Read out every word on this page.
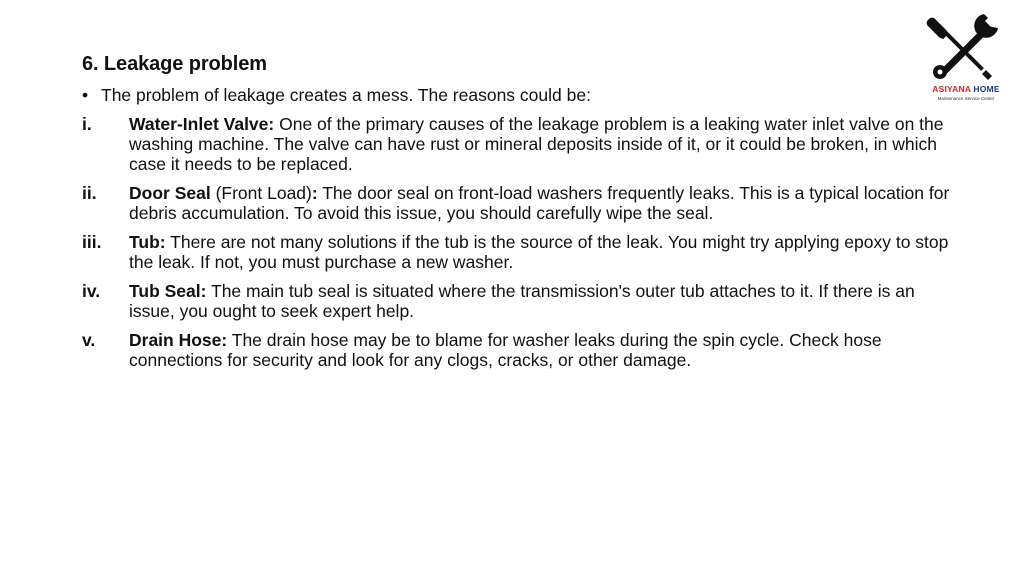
ASIYANA HOME
Maintenance Service Center
6. Leakage problem
• The problem of leakage creates a mess. The reasons could be:
i.	Water-Inlet Valve: One of the primary causes of the leakage problem is a leaking water inlet valve on the washing machine. The valve can have rust or mineral deposits inside of it, or it could be broken, in which case it needs to be replaced.
ii.	Door Seal (Front Load): The door seal on front-load washers frequently leaks. This is a typical location for debris accumulation. To avoid this issue, you should carefully wipe the seal.
iii.	Tub: There are not many solutions if the tub is the source of the leak. You might try applying epoxy to stop the leak. If not, you must purchase a new washer.
iv.	Tub Seal: The main tub seal is situated where the transmission's outer tub attaches to it. If there is an issue, you ought to seek expert help.
v.	Drain Hose: The drain hose may be to blame for washer leaks during the spin cycle. Check hose connections for security and look for any clogs, cracks, or other damage.
